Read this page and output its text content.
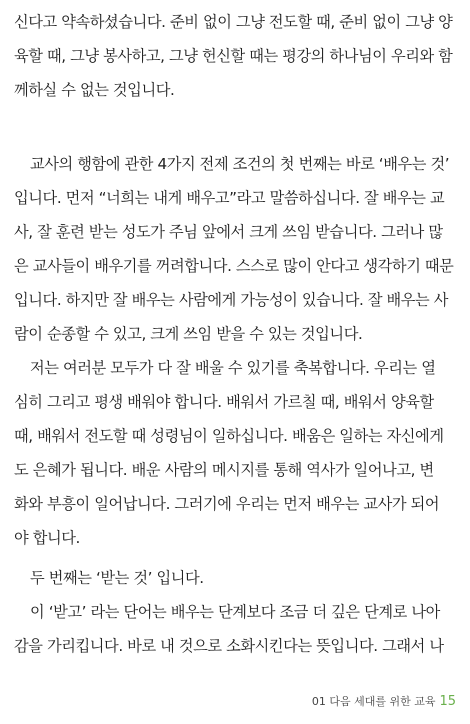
신다고 약속하셨습니다. 준비 없이 그냥 전도할 때, 준비 없이 그냥 양
육할 때, 그냥 봉사하고, 그냥 헌신할 때는 평강의 하나님이 우리와 함
께하실 수 없는 것입니다.
교사의 행함에 관한 4가지 전제 조건의 첫 번째는 바로 ‘배우는 것’
입니다. 먼저 “너희는 내게 배우고”라고 말씀하십니다. 잘 배우는 교
사, 잘 훈련 받는 성도가 주님 앞에서 크게 쓰임 받습니다. 그러나 많
은 교사들이 배우기를 꺼려합니다. 스스로 많이 안다고 생각하기 때문
입니다. 하지만 잘 배우는 사람에게 가능성이 있습니다. 잘 배우는 사
람이 순종할 수 있고, 크게 쓰임 받을 수 있는 것입니다.
저는 여러분 모두가 다 잘 배울 수 있기를 축복합니다. 우리는 열
심히 그리고 평생 배워야 합니다. 배워서 가르칠 때, 배워서 양육할
때, 배워서 전도할 때 성령님이 일하십니다. 배움은 일하는 자신에게
도 은혜가 됩니다. 배운 사람의 메시지를 통해 역사가 일어나고, 변
화와 부흥이 일어납니다. 그러기에 우리는 먼저 배우는 교사가 되어
야 합니다.
두 번째는 ‘받는 것’ 입니다.
이 ‘받고’ 라는 단어는 배우는 단계보다 조금 더 깊은 단계로 나아
감을 가리킵니다. 바로 내 것으로 소화시킨다는 뜻입니다. 그래서 나
01 다음 세대를 위한 교육 15
